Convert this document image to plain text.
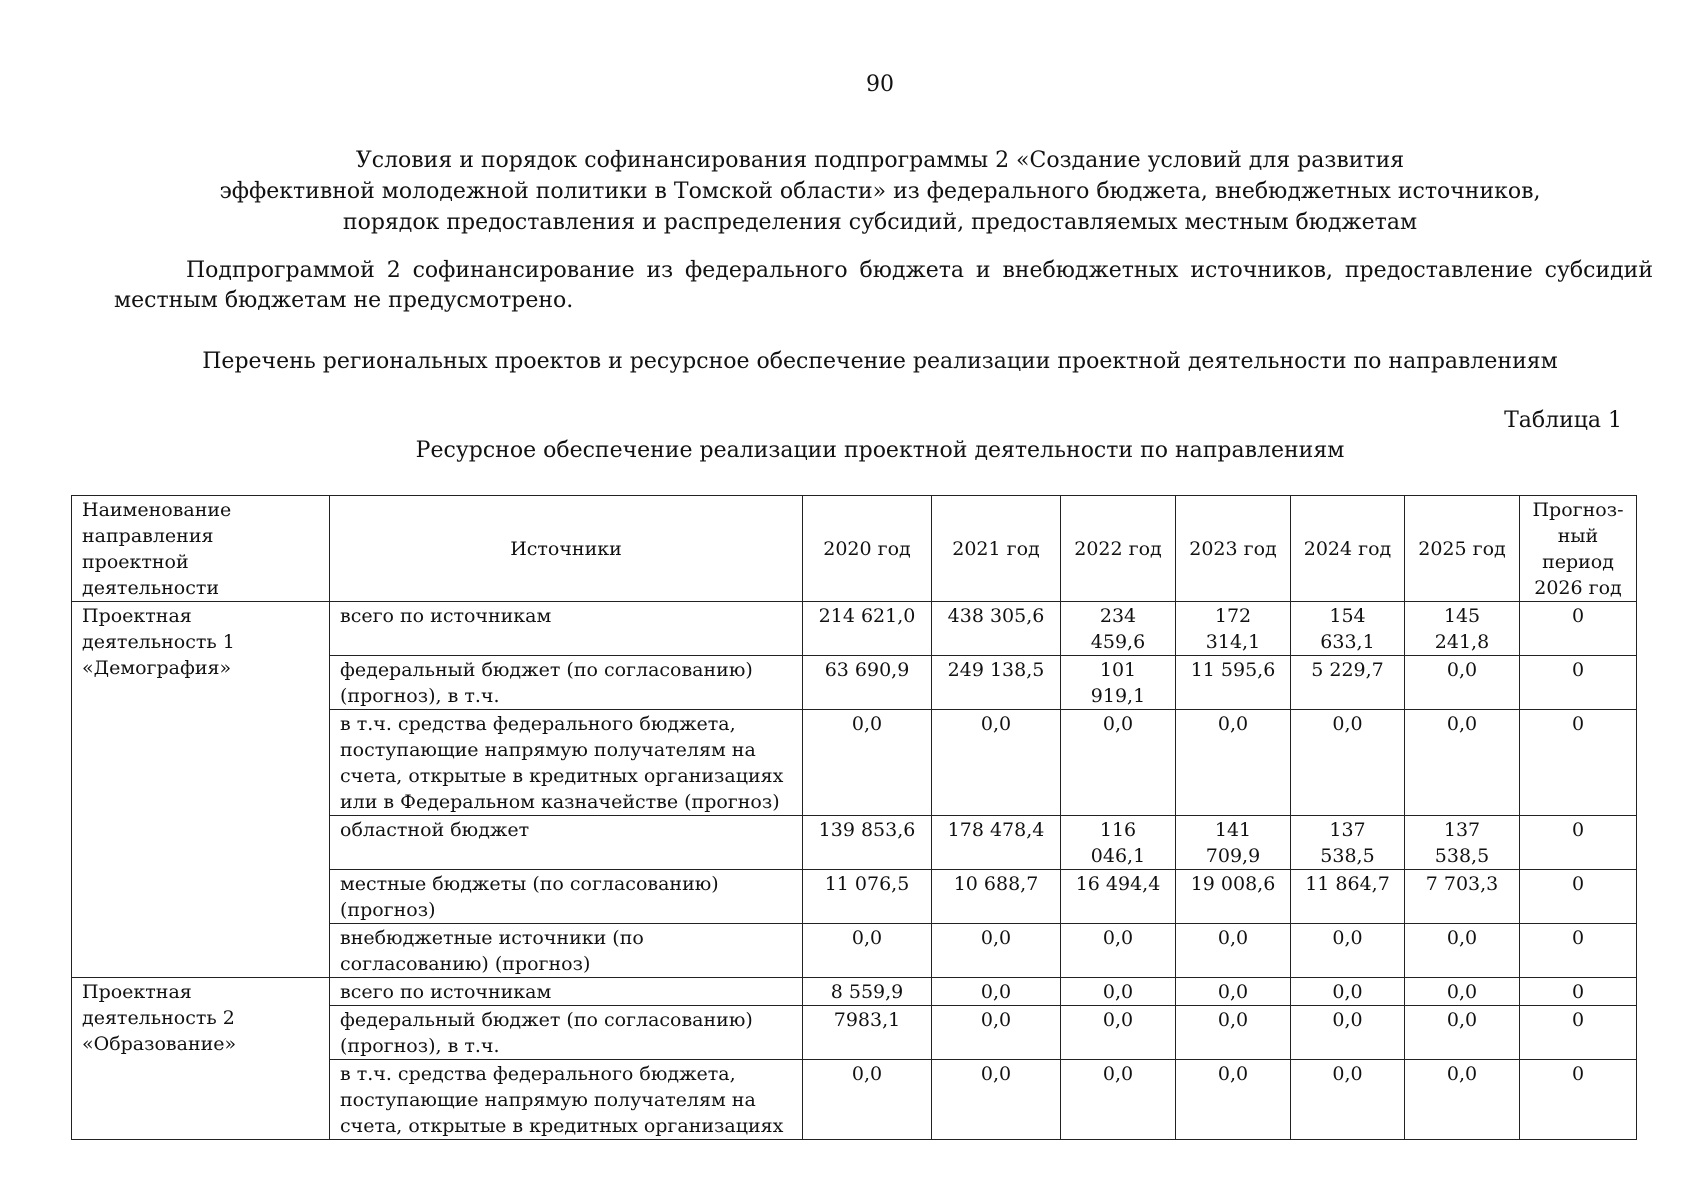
90
Условия и порядок софинансирования подпрограммы 2 «Создание условий для развития
эффективной молодежной политики в Томской области» из федерального бюджета, внебюджетных источников,
порядок предоставления и распределения субсидий, предоставляемых местным бюджетам
Подпрограммой 2 софинансирование из федерального бюджета и внебюджетных источников, предоставление субсидий
местным бюджетам не предусмотрено.
Перечень региональных проектов и ресурсное обеспечение реализации проектной деятельности по направлениям
Таблица 1
Ресурсное обеспечение реализации проектной деятельности по направлениям
Наименование направления проектной деятельности	Источники	2020 год	2021 год	2022 год	2023 год	2024 год	2025 год	Прогноз-ный период 2026 год
Проектная деятельность 1 «Демография»	всего по источникам	214 621,0	438 305,6	234 459,6	172 314,1	154 633,1	145 241,8	0
	федеральный бюджет (по согласованию) (прогноз), в т.ч.	63 690,9	249 138,5	101 919,1	11 595,6	5 229,7	0,0	0
	в т.ч. средства федерального бюджета, поступающие напрямую получателям на счета, открытые в кредитных организациях или в Федеральном казначействе (прогноз)	0,0	0,0	0,0	0,0	0,0	0,0	0
	областной бюджет	139 853,6	178 478,4	116 046,1	141 709,9	137 538,5	137 538,5	0
	местные бюджеты (по согласованию) (прогноз)	11 076,5	10 688,7	16 494,4	19 008,6	11 864,7	7 703,3	0
	внебюджетные источники (по согласованию) (прогноз)	0,0	0,0	0,0	0,0	0,0	0,0	0
Проектная деятельность 2 «Образование»	всего по источникам	8 559,9	0,0	0,0	0,0	0,0	0,0	0
	федеральный бюджет (по согласованию) (прогноз), в т.ч.	7983,1	0,0	0,0	0,0	0,0	0,0	0
	в т.ч. средства федерального бюджета, поступающие напрямую получателям на счета, открытые в кредитных организациях	0,0	0,0	0,0	0,0	0,0	0,0	0
